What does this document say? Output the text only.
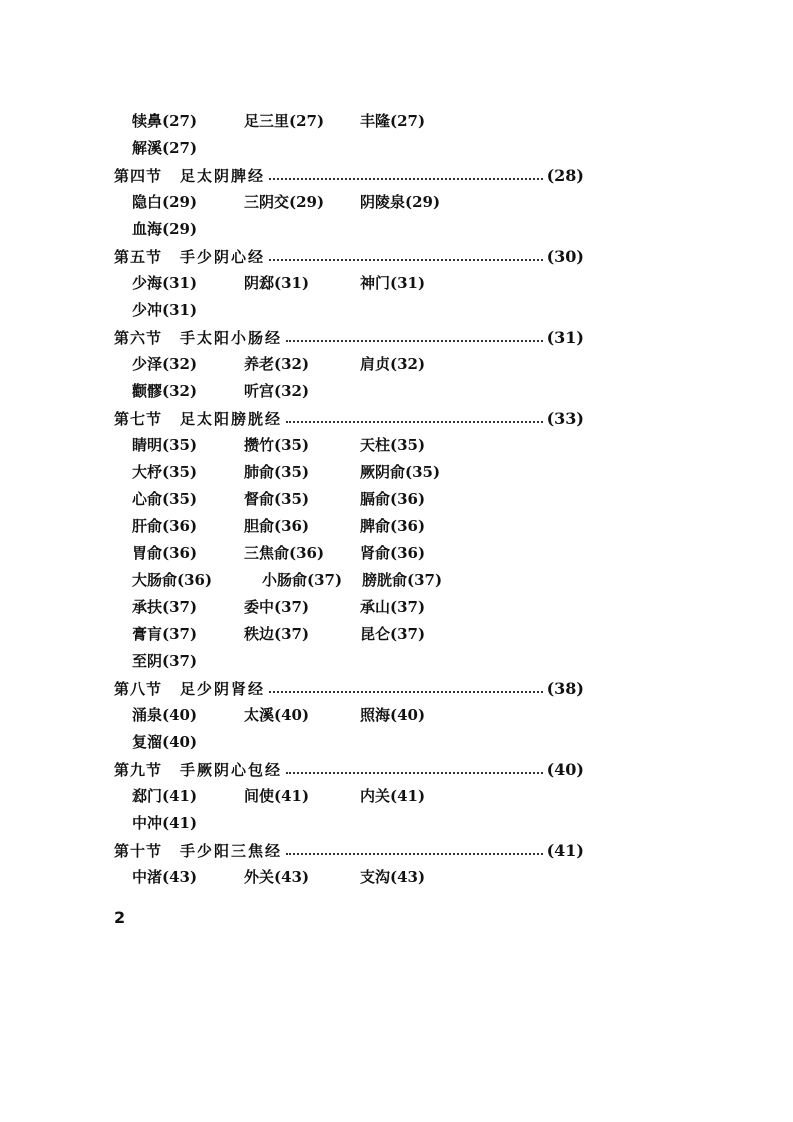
犊鼻(27)	足三里(27) 丰隆(27)
解溪(27)
第四节 足太阴脾经	(28)
隐白(29)	三阴交(29) 阴陵泉(29)
血海(29)
第五节 手少阴心经	(30)
少海(31)	阴郄(31)	神门(31)
少冲(31)
第六节 手太阳小肠经	(31)
少泽(32)	养老(32)	肩贞(32)
颧髎(32)	听宫(32)
第七节 足太阳膀胱经	(33)
睛明(35)	攒竹(35)	天柱(35)
大杼(35)	肺俞(35)	厥阴俞(35)
心俞(35)	督俞(35)	膈俞(36)
肝俞(36)	胆俞(36)	脾俞(36)
胃俞(36)	三焦俞(36) 肾俞(36)
大肠俞(36)	小肠俞(37) 膀胱俞(37)
承扶(37)	委中(37)	承山(37)
膏肓(37)	秩边(37)	昆仑(37)
至阴(37)
第八节 足少阴肾经	(38)
涌泉(40)	太溪(40)	照海(40)
复溜(40)
第九节 手厥阴心包经	(40)
郄门(41)	间使(41)	内关(41)
中冲(41)
第十节 手少阳三焦经	(41)
中渚(43)	外关(43)	支沟(43)
2
